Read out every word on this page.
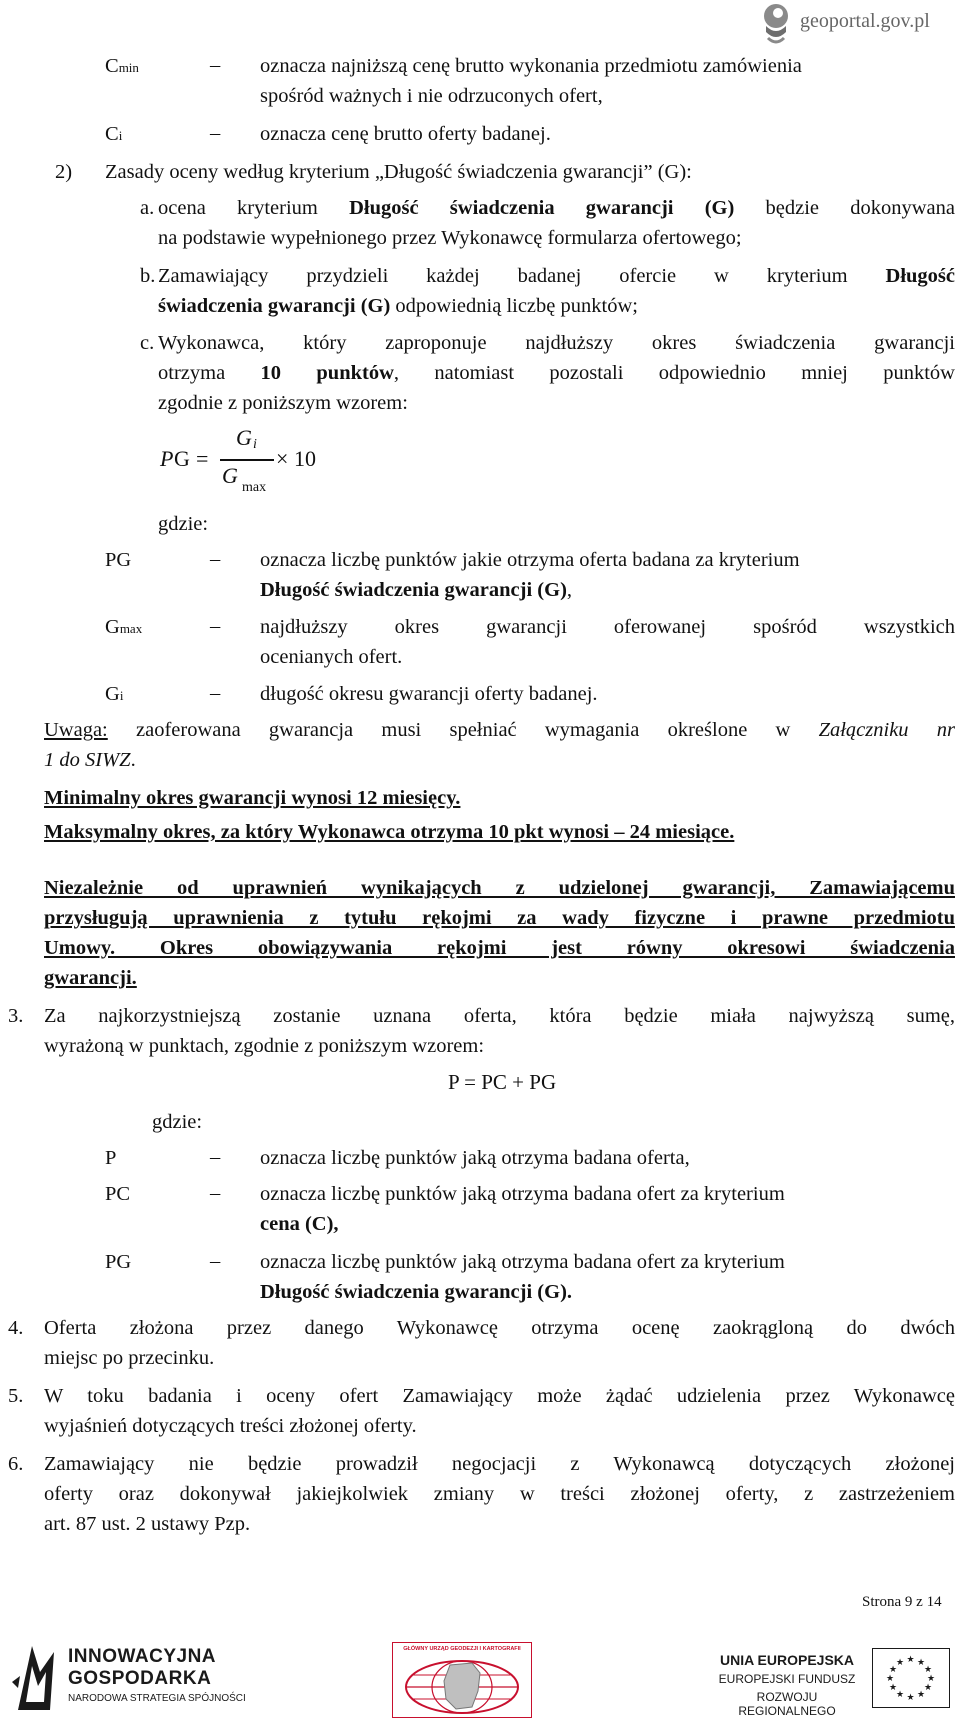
geoportal.gov.pl
Cmin	– oznacza najniższą cenę brutto wykonania przedmiotu zamówienia
spośród ważnych i nie odrzuconych ofert,
Ci	– oznacza cenę brutto oferty badanej.
2) Zasady oceny według kryterium „Długość świadczenia gwarancji” (G):
a. ocena kryterium Długość świadczenia gwarancji (G) będzie dokonywana
na podstawie wypełnionego przez Wykonawcę formularza ofertowego;
b. Zamawiający przydzieli każdej badanej ofercie w kryterium Długość
świadczenia gwarancji (G) odpowiednią liczbę punktów;
c. Wykonawca, który zaproponuje najdłuższy okres świadczenia gwarancji
otrzyma 10 punktów, natomiast pozostali odpowiednio mniej punktów
zgodnie z poniższym wzorem:
P G =
G i
G max
× 10
gdzie:
PG	– oznacza liczbę punktów jakie otrzyma oferta badana za kryterium
Długość świadczenia gwarancji (G),
Gmax	– najdłuższy okres gwarancji oferowanej spośród wszystkich
ocenianych ofert.
Gi	– długość okresu gwarancji oferty badanej.
Uwaga: zaoferowana gwarancja musi spełniać wymagania określone w Załączniku nr
1 do SIWZ.
Minimalny okres gwarancji wynosi 12 miesięcy.
Maksymalny okres, za który Wykonawca otrzyma 10 pkt wynosi – 24 miesiące.
Niezależnie od uprawnień wynikających z udzielonej gwarancji, Zamawiającemu
przysługują uprawnienia z tytułu rękojmi za wady fizyczne i prawne przedmiotu
Umowy. Okres obowiązywania rękojmi jest równy okresowi świadczenia
gwarancji.
3. Za najkorzystniejszą zostanie uznana oferta, która będzie miała najwyższą sumę,
wyrażoną w punktach, zgodnie z poniższym wzorem:
P = PC + PG
gdzie:
P	– oznacza liczbę punktów jaką otrzyma badana oferta,
PC	– oznacza liczbę punktów jaką otrzyma badana ofert za kryterium
cena (C),
PG	– oznacza liczbę punktów jaką otrzyma badana ofert za kryterium
Długość świadczenia gwarancji (G).
4. Oferta złożona przez danego Wykonawcę otrzyma ocenę zaokrągloną do dwóch
miejsc po przecinku.
5. W toku badania i oceny ofert Zamawiający może żądać udzielenia przez Wykonawcę
wyjaśnień dotyczących treści złożonej oferty.
6. Zamawiający nie będzie prowadził negocjacji z Wykonawcą dotyczących złożonej
oferty oraz dokonywał jakiejkolwiek zmiany w treści złożonej oferty, z zastrzeżeniem
art. 87 ust. 2 ustawy Pzp.
Strona 9 z 14
INNOWACYJNA
GOSPODARKA
NARODOWA STRATEGIA SPÓJNOŚCI
GŁÓWNY URZĄD GEODEZJI I KARTOGRAFII
UNIA EUROPEJSKA
EUROPEJSKI FUNDUSZ
ROZWOJU REGIONALNEGO
★ ★
★
★
★
★
★
★
★
★
★
★
